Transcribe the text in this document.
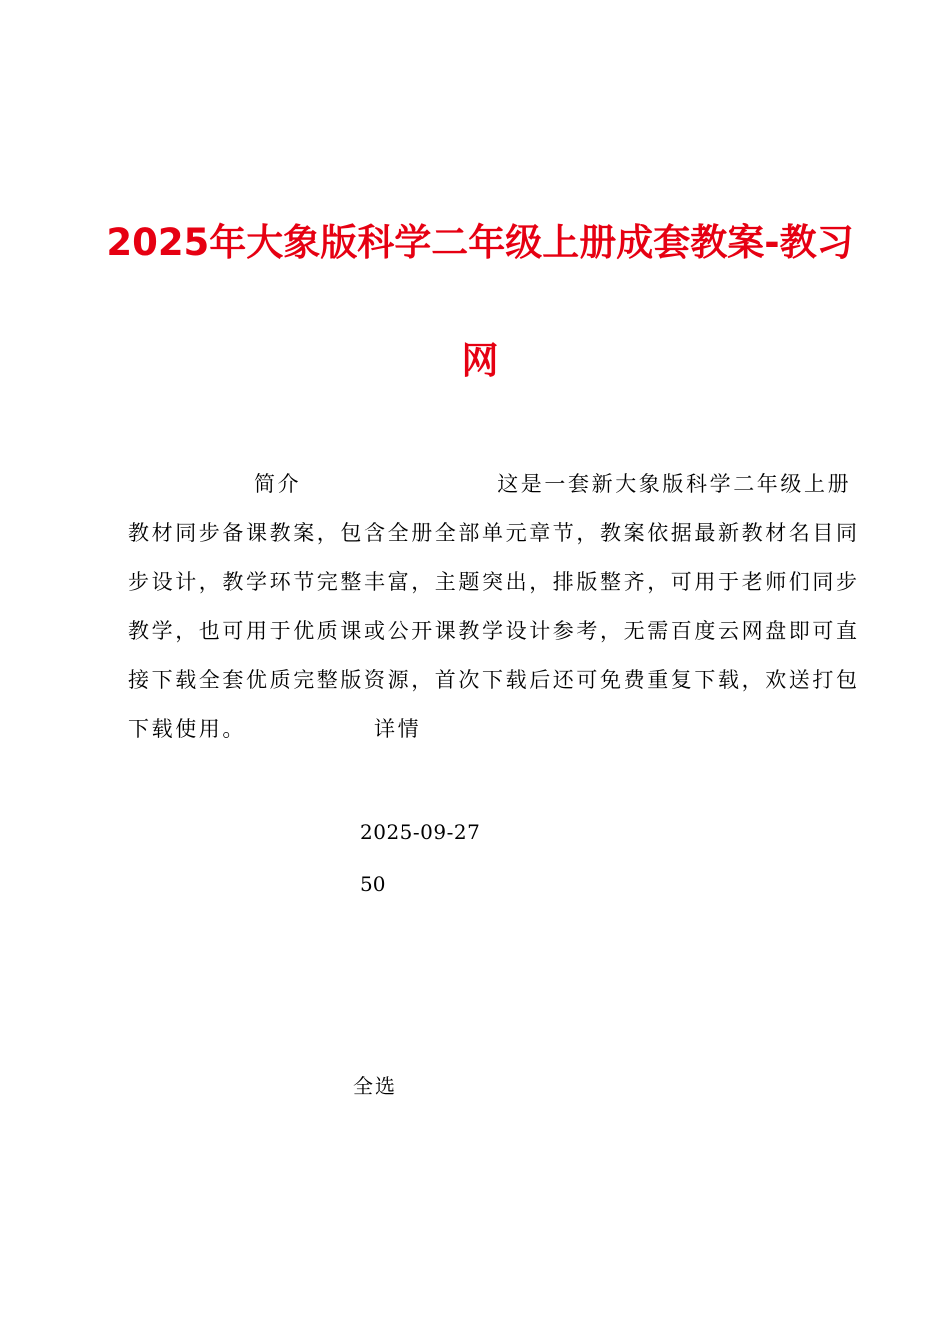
2025年大象版科学二年级上册成套教案-教习
网
简介	这是一套新大象版科学二年级上册
教材同步备课教案，包含全册全部单元章节，教案依据最新教材名目同
步设计，教学环节完整丰富，主题突出，排版整齐，可用于老师们同步
教学，也可用于优质课或公开课教学设计参考，无需百度云网盘即可直
接下载全套优质完整版资源，首次下载后还可免费重复下载，欢送打包
下载使用。	详情
2025-09-27
50
全选
